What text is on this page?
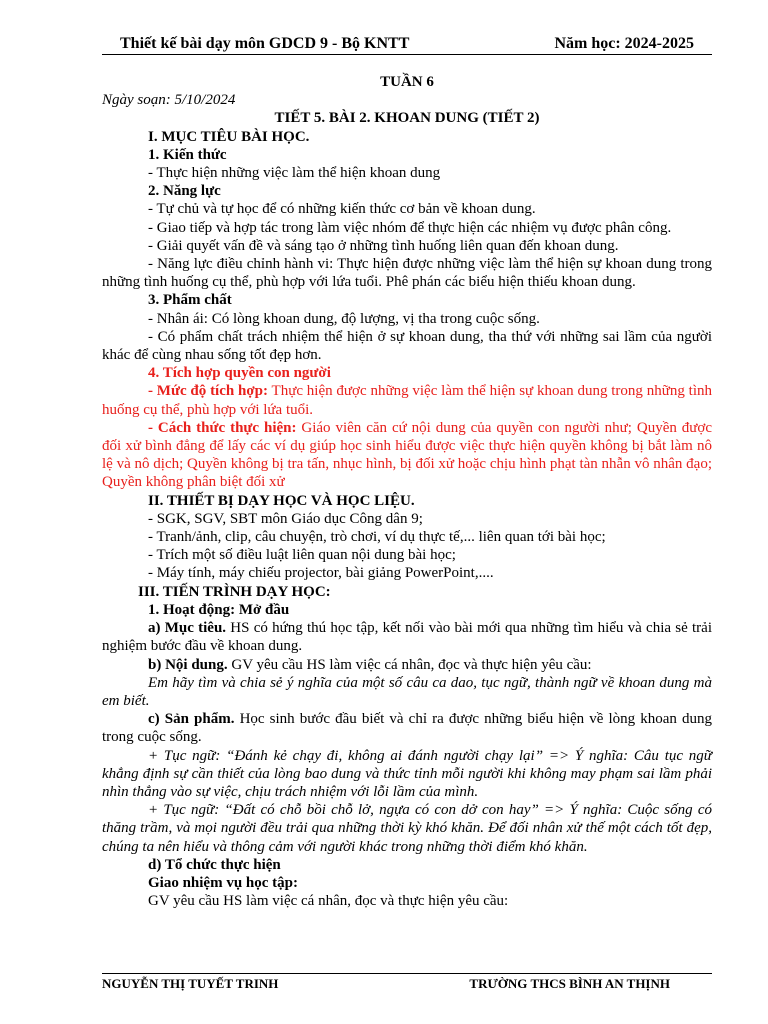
Thiết kế bài dạy môn GDCD 9 - Bộ KNTT	Năm học: 2024-2025

TUẦN 6

Ngày soạn: 5/10/2024

TIẾT 5. BÀI 2. KHOAN DUNG (TIẾT 2)

I. MỤC TIÊU BÀI HỌC.

1. Kiến thức

- Thực hiện những việc làm thể hiện khoan dung

2. Năng lực

- Tự chủ và tự học để có những kiến thức cơ bản về khoan dung.

- Giao tiếp và hợp tác trong làm việc nhóm để thực hiện các nhiệm vụ được phân công.

- Giải quyết vấn đề và sáng tạo ở những tình huống liên quan đến khoan dung.

- Năng lực điều chỉnh hành vi: Thực hiện được những việc làm thể hiện sự khoan dung trong những tình huống cụ thể, phù hợp với lứa tuổi. Phê phán các biểu hiện thiếu khoan dung.

3. Phẩm chất

- Nhân ái: Có lòng khoan dung, độ lượng, vị tha trong cuộc sống.

- Có phẩm chất trách nhiệm thể hiện ở sự khoan dung, tha thứ với những sai lầm của người khác để cùng nhau sống tốt đẹp hơn.

4. Tích hợp quyền con người

- Mức độ tích hợp: Thực hiện được những việc làm thể hiện sự khoan dung trong những tình huống cụ thể, phù hợp với lứa tuổi.

- Cách thức thực hiện: Giáo viên căn cứ nội dung của quyền con người như; Quyền được đối xử bình đẳng để lấy các ví dụ giúp học sinh hiểu được việc thực hiện quyền không bị bắt làm nô lệ và nô dịch; Quyền không bị tra tấn, nhục hình, bị đối xử hoặc chịu hình phạt tàn nhẫn vô nhân đạo; Quyền không phân biệt đối xử

II. THIẾT BỊ DẠY HỌC VÀ HỌC LIỆU.

- SGK, SGV, SBT môn Giáo dục Công dân 9;

- Tranh/ảnh, clip, câu chuyện, trò chơi, ví dụ thực tế,... liên quan tới bài học;

- Trích một số điều luật liên quan nội dung bài học;

- Máy tính, máy chiếu projector, bài giảng PowerPoint,....

III. TIẾN TRÌNH DẠY HỌC:

1. Hoạt động: Mở đầu

a) Mục tiêu. HS có hứng thú học tập, kết nối vào bài mới qua những tìm hiểu và chia sẻ trải nghiệm bước đầu về khoan dung.

b) Nội dung. GV yêu cầu HS làm việc cá nhân, đọc và thực hiện yêu cầu:

Em hãy tìm và chia sẻ ý nghĩa của một số câu ca dao, tục ngữ, thành ngữ về khoan dung mà em biết.

c) Sản phẩm. Học sinh bước đầu biết và chỉ ra được những biểu hiện về lòng khoan dung trong cuộc sống.

+ Tục ngữ: “Đánh kẻ chạy đi, không ai đánh người chạy lại” => Ý nghĩa: Câu tục ngữ khẳng định sự cần thiết của lòng bao dung và thức tỉnh mỗi người khi không may phạm sai lầm phải nhìn thẳng vào sự việc, chịu trách nhiệm với lỗi lầm của mình.

+ Tục ngữ: “Đất có chỗ bồi chỗ lở, ngựa có con dở con hay” => Ý nghĩa: Cuộc sống có thăng trầm, và mọi người đều trải qua những thời kỳ khó khăn. Để đối nhân xử thế một cách tốt đẹp, chúng ta nên hiểu và thông cảm với người khác trong những thời điểm khó khăn.

d) Tổ chức thực hiện

Giao nhiệm vụ học tập:

GV yêu cầu HS làm việc cá nhân, đọc và thực hiện yêu cầu:

NGUYỄN THỊ TUYẾT TRINH	TRƯỜNG THCS BÌNH AN THỊNH
